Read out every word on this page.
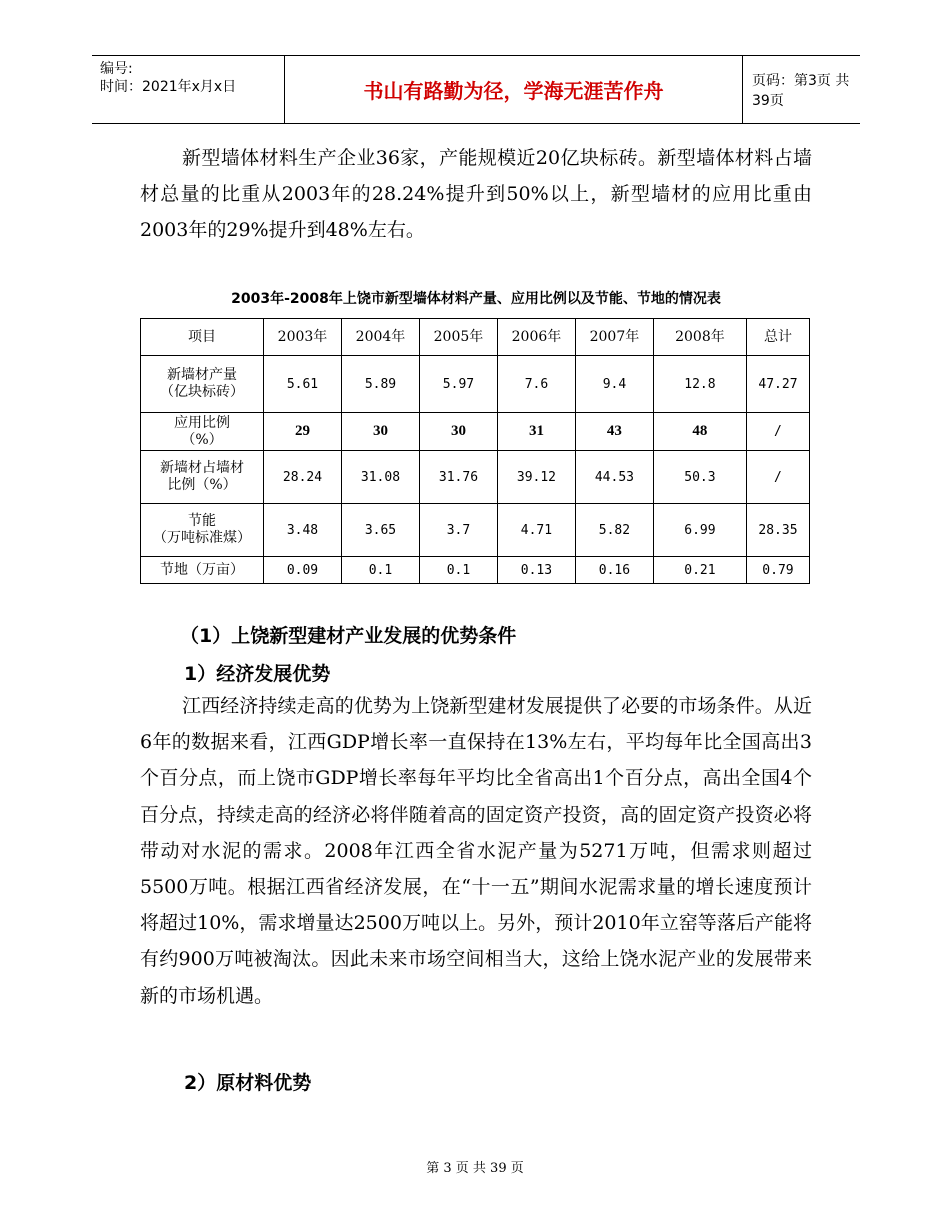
编号:
时间：2021年x月x日	书山有路勤为径，学海无涯苦作舟	页码：第3页 共39页

新型墙体材料生产企业36家，产能规模近20亿块标砖。新型墙体材料占墙材总量的比重从2003年的28.24%提升到50%以上，新型墙材的应用比重由2003年的29%提升到48%左右。

2003年-2008年上饶市新型墙体材料产量、应用比例以及节能、节地的情况表
项目	2003年	2004年	2005年	2006年	2007年	2008年	总计

新墙材产量
（亿块标砖）	5.61	5.89	5.97	7.6	9.4	12.8	47.27

应用比例
（%）	29	30	30	31	43	48	/

新墙材占墙材
比例（%）	28.24	31.08	31.76	39.12	44.53	50.3	/

节能
（万吨标准煤）	3.48	3.65	3.7	4.71	5.82	6.99	28.35

节地（万亩）	0.09	0.1	0.1	0.13	0.16	0.21	0.79
（1）上饶新型建材产业发展的优势条件
1）经济发展优势

江西经济持续走高的优势为上饶新型建材发展提供了必要的市场条件。从近6年的数据来看，江西GDP增长率一直保持在13%左右，平均每年比全国高出3个百分点，而上饶市GDP增长率每年平均比全省高出1个百分点，高出全国4个百分点，持续走高的经济必将伴随着高的固定资产投资，高的固定资产投资必将带动对水泥的需求。2008年江西全省水泥产量为5271万吨，但需求则超过5500万吨。根据江西省经济发展，在“十一五”期间水泥需求量的增长速度预计将超过10%，需求增量达2500万吨以上。另外，预计2010年立窑等落后产能将有约900万吨被淘汰。因此未来市场空间相当大，这给上饶水泥产业的发展带来新的市场机遇。

2）原材料优势
第 3 页 共 39 页
